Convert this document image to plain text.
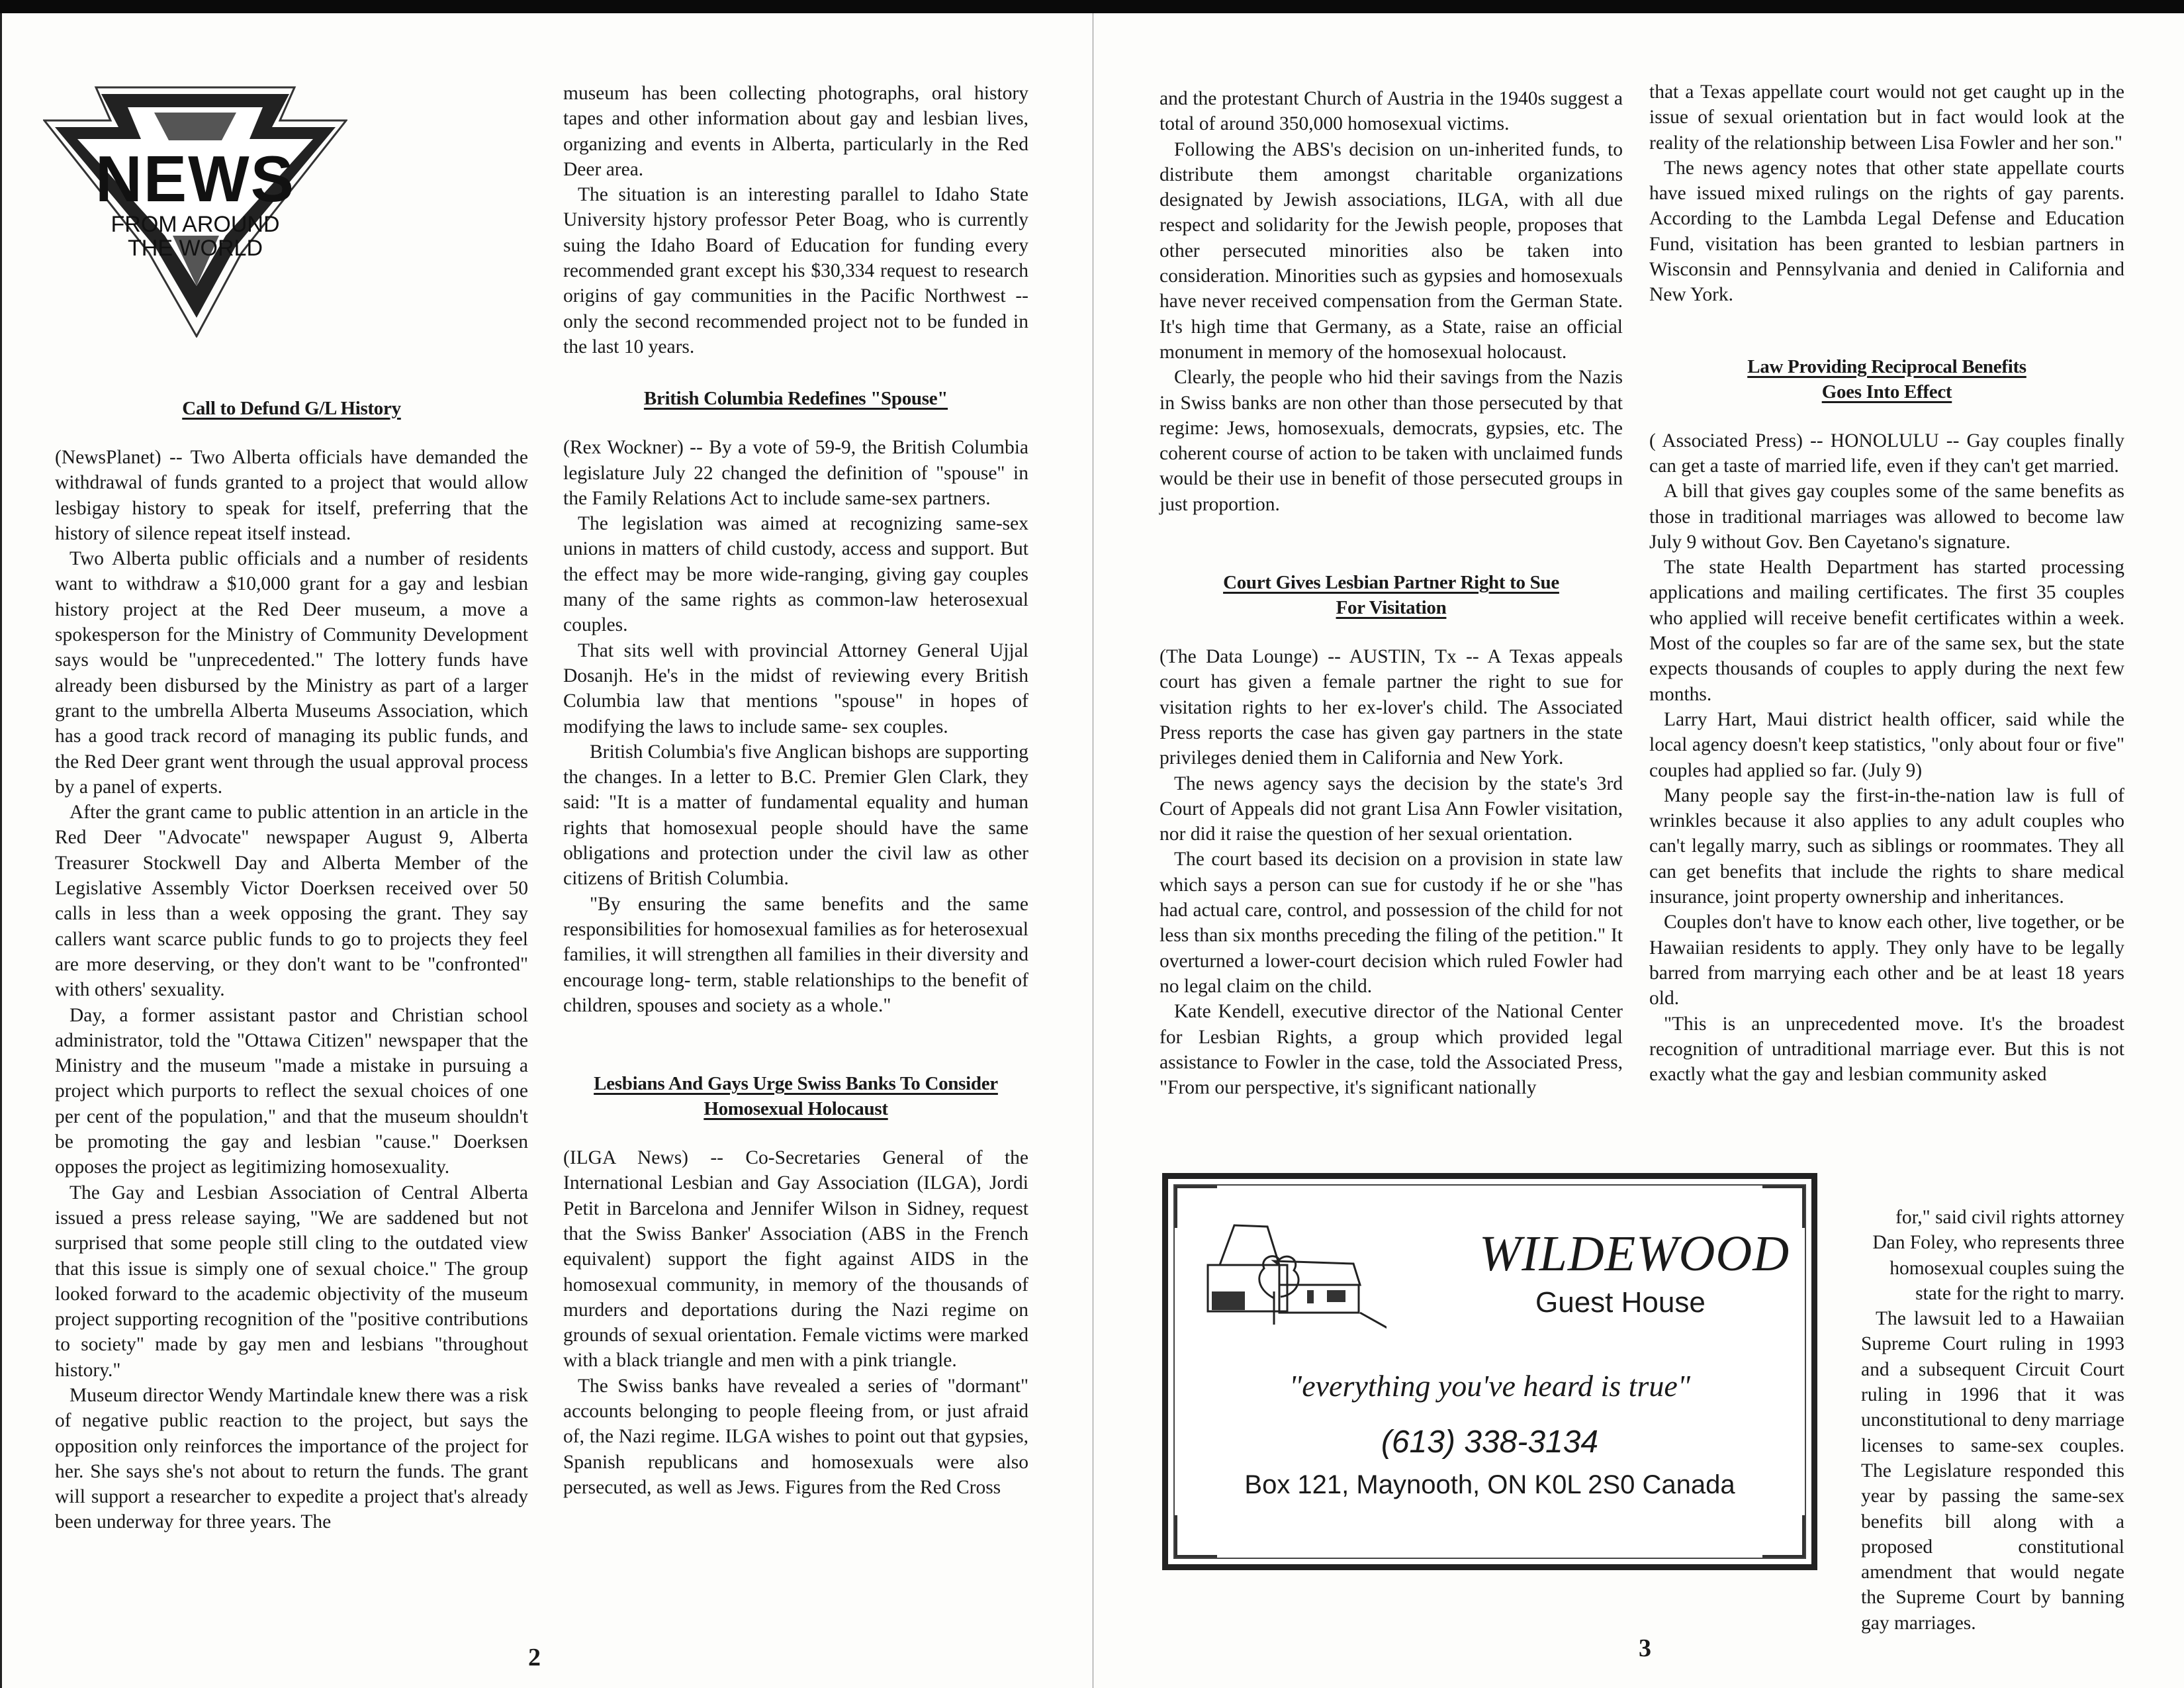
NEWS
FROM AROUND
THE WORLD
Call to Defund G/L History

(NewsPlanet) -- Two Alberta officials have demanded the withdrawal of funds granted to a project that would allow lesbigay history to speak for itself, preferring that the history of silence repeat itself instead.

Two Alberta public officials and a number of residents want to withdraw a $10,000 grant for a gay and lesbian history project at the Red Deer museum, a move a spokesperson for the Ministry of Community Development says would be "unprecedented." The lottery funds have already been disbursed by the Ministry as part of a larger grant to the umbrella Alberta Museums Association, which has a good track record of managing its public funds, and the Red Deer grant went through the usual approval process by a panel of experts.

After the grant came to public attention in an article in the Red Deer "Advocate" newspaper August 9, Alberta Treasurer Stockwell Day and Alberta Member of the Legislative Assembly Victor Doerksen received over 50 calls in less than a week opposing the grant. They say callers want scarce public funds to go to projects they feel are more deserving, or they don't want to be "confronted" with others' sexuality.

Day, a former assistant pastor and Christian school administrator, told the "Ottawa Citizen" newspaper that the Ministry and the museum "made a mistake in pursuing a project which purports to reflect the sexual choices of one per cent of the population," and that the museum shouldn't be promoting the gay and lesbian "cause." Doerksen opposes the project as legitimizing homosexuality.

The Gay and Lesbian Association of Central Alberta issued a press release saying, "We are saddened but not surprised that some people still cling to the outdated view that this issue is simply one of sexual choice." The group looked forward to the academic objectivity of the museum project supporting recognition of the "positive contributions to society" made by gay men and lesbians "throughout history."

Museum director Wendy Martindale knew there was a risk of negative public reaction to the project, but says the opposition only reinforces the importance of the project for her. She says she's not about to return the funds. The grant will support a researcher to expedite a project that's already been underway for three years. The

museum has been collecting photographs, oral history tapes and other information about gay and lesbian lives, organizing and events in Alberta, particularly in the Red Deer area.

The situation is an interesting parallel to Idaho State University hjstory professor Peter Boag, who is currently suing the Idaho Board of Education for funding every recommended grant except his $30,334 request to research origins of gay communities in the Pacific Northwest -- only the second recommended project not to be funded in the last 10 years.

British Columbia Redefines "Spouse"

(Rex Wockner) -- By a vote of 59-9, the British Columbia legislature July 22 changed the definition of "spouse" in the Family Relations Act to include same-sex partners.

The legislation was aimed at recognizing same-sex unions in matters of child custody, access and support. But the effect may be more wide-ranging, giving gay couples many of the same rights as common-law heterosexual couples.

That sits well with provincial Attorney General Ujjal Dosanjh. He's in the midst of reviewing every British Columbia law that mentions "spouse" in hopes of modifying the laws to include same- sex couples.

British Columbia's five Anglican bishops are supporting the changes. In a letter to B.C. Premier Glen Clark, they said: "It is a matter of fundamental equality and human rights that homosexual people should have the same obligations and protection under the civil law as other citizens of British Columbia.

"By ensuring the same benefits and the same responsibilities for homosexual families as for heterosexual families, it will strengthen all families in their diversity and encourage long- term, stable relationships to the benefit of children, spouses and society as a whole."

Lesbians And Gays Urge Swiss Banks To Consider
Homosexual Holocaust

(ILGA News) -- Co-Secretaries General of the International Lesbian and Gay Association (ILGA), Jordi Petit in Barcelona and Jennifer Wilson in Sidney, request that the Swiss Banker' Association (ABS in the French equivalent) support the fight against AIDS in the homosexual community, in memory of the thousands of murders and deportations during the Nazi regime on grounds of sexual orientation. Female victims were marked with a black triangle and men with a pink triangle.

The Swiss banks have revealed a series of "dormant" accounts belonging to people fleeing from, or just afraid of, the Nazi regime. ILGA wishes to point out that gypsies, Spanish republicans and homosexuals were also persecuted, as well as Jews. Figures from the Red Cross

2

and the protestant Church of Austria in the 1940s suggest a total of around 350,000 homosexual victims.

Following the ABS's decision on un-inherited funds, to distribute them amongst charitable organizations designated by Jewish associations, ILGA, with all due respect and solidarity for the Jewish people, proposes that other persecuted minorities also be taken into consideration. Minorities such as gypsies and homosexuals have never received compensation from the German State. It's high time that Germany, as a State, raise an official monument in memory of the homosexual holocaust.

Clearly, the people who hid their savings from the Nazis in Swiss banks are non other than those persecuted by that regime: Jews, homosexuals, democrats, gypsies, etc. The coherent course of action to be taken with unclaimed funds would be their use in benefit of those persecuted groups in just proportion.

Court Gives Lesbian Partner Right to Sue
For Visitation

(The Data Lounge) -- AUSTIN, Tx -- A Texas appeals court has given a female partner the right to sue for visitation rights to her ex-lover's child. The Associated Press reports the case has given gay partners in the state privileges denied them in California and New York.

The news agency says the decision by the state's 3rd Court of Appeals did not grant Lisa Ann Fowler visitation, nor did it raise the question of her sexual orientation.

The court based its decision on a provision in state law which says a person can sue for custody if he or she "has had actual care, control, and possession of the child for not less than six months preceding the filing of the petition." It overturned a lower-court decision which ruled Fowler had no legal claim on the child.

Kate Kendell, executive director of the National Center for Lesbian Rights, a group which provided legal assistance to Fowler in the case, told the Associated Press, "From our perspective, it's significant nationally

that a Texas appellate court would not get caught up in the issue of sexual orientation but in fact would look at the reality of the relationship between Lisa Fowler and her son."

The news agency notes that other state appellate courts have issued mixed rulings on the rights of gay parents. According to the Lambda Legal Defense and Education Fund, visitation has been granted to lesbian partners in Wisconsin and Pennsylvania and denied in California and New York.

Law Providing Reciprocal Benefits
Goes Into Effect

( Associated Press) -- HONOLULU -- Gay couples finally can get a taste of married life, even if they can't get married.

A bill that gives gay couples some of the same benefits as those in traditional marriages was allowed to become law July 9 without Gov. Ben Cayetano's signature.

The state Health Department has started processing applications and mailing certificates. The first 35 couples who applied will receive benefit certificates within a week. Most of the couples so far are of the same sex, but the state expects thousands of couples to apply during the next few months.

Larry Hart, Maui district health officer, said while the local agency doesn't keep statistics, "only about four or five" couples had applied so far. (July 9)

Many people say the first-in-the-nation law is full of wrinkles because it also applies to any adult couples who can't legally marry, such as siblings or roommates. They all can get benefits that include the rights to share medical insurance, joint property ownership and inheritances.

Couples don't have to know each other, live together, or be Hawaiian residents to apply. They only have to be legally barred from marrying each other and be at least 18 years old.

"This is an unprecedented move. It's the broadest recognition of untraditional marriage ever. But this is not exactly what the gay and lesbian community asked

for," said civil rights attorney Dan Foley, who represents three homosexual couples suing the state for the right to marry.

The lawsuit led to a Hawaiian Supreme Court ruling in 1993 and a subsequent Circuit Court ruling in 1996 that it was unconstitutional to deny marriage licenses to same-sex couples. The Legislature responded this year by passing the same-sex benefits bill along with a proposed constitutional amendment that would negate the Supreme Court by banning gay marriages.

3
WILDEWOOD
Guest House
"everything you've heard is true"
(613) 338-3134
Box 121, Maynooth, ON K0L 2S0 Canada
